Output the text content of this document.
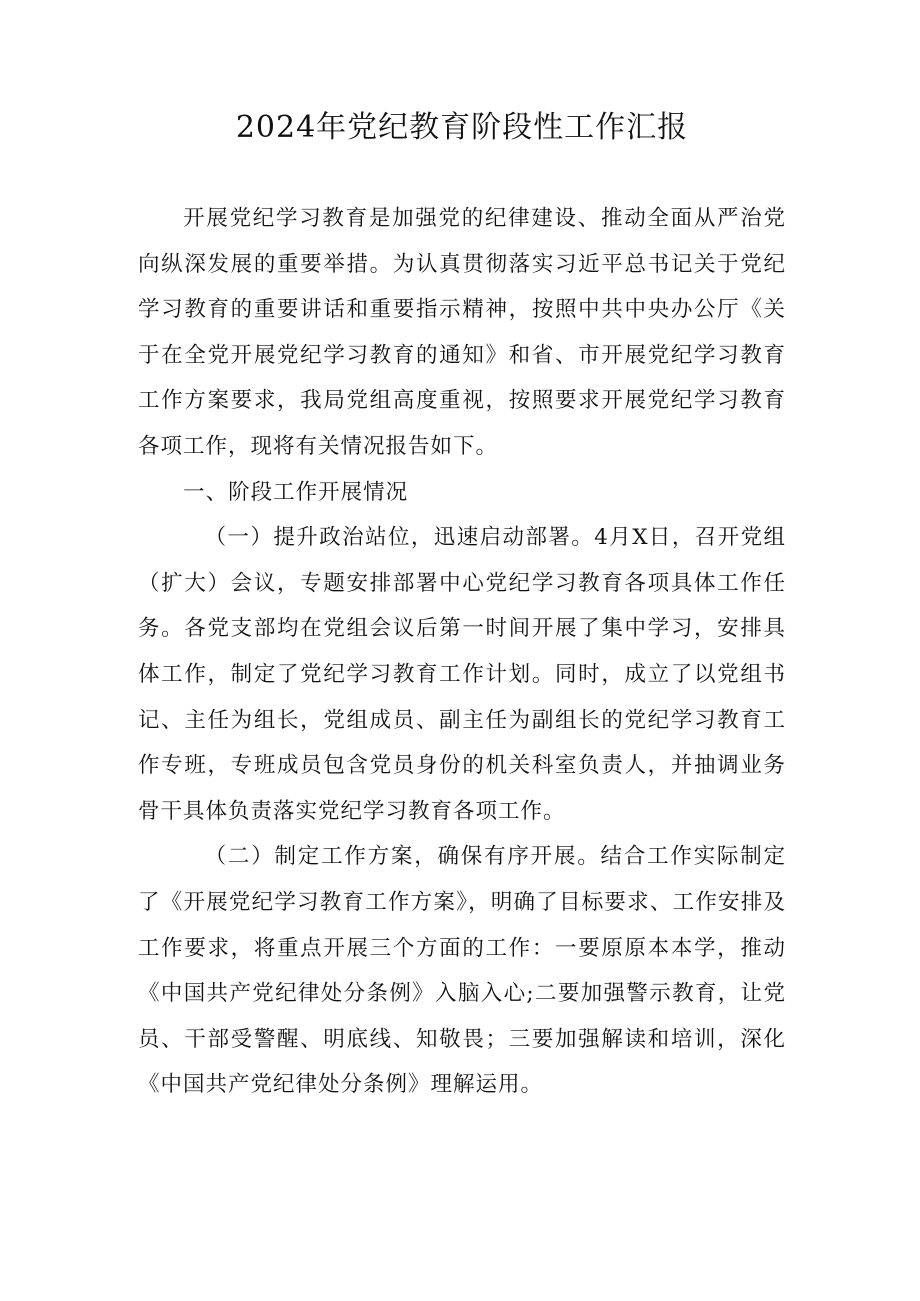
2024年党纪教育阶段性工作汇报

开展党纪学习教育是加强党的纪律建设、推动全面从严治党向纵深发展的重要举措。为认真贯彻落实习近平总书记关于党纪学习教育的重要讲话和重要指示精神，按照中共中央办公厅《关于在全党开展党纪学习教育的通知》和省、市开展党纪学习教育工作方案要求，我局党组高度重视，按照要求开展党纪学习教育各项工作，现将有关情况报告如下。

一、阶段工作开展情况

（一）提升政治站位，迅速启动部署。4月X日，召开党组（扩大）会议，专题安排部署中心党纪学习教育各项具体工作任务。各党支部均在党组会议后第一时间开展了集中学习，安排具体工作，制定了党纪学习教育工作计划。同时，成立了以党组书记、主任为组长，党组成员、副主任为副组长的党纪学习教育工作专班，专班成员包含党员身份的机关科室负责人，并抽调业务骨干具体负责落实党纪学习教育各项工作。

（二）制定工作方案，确保有序开展。结合工作实际制定了《开展党纪学习教育工作方案》，明确了目标要求、工作安排及工作要求，将重点开展三个方面的工作：一要原原本本学，推动《中国共产党纪律处分条例》入脑入心;二要加强警示教育，让党员、干部受警醒、明底线、知敬畏；三要加强解读和培训，深化《中国共产党纪律处分条例》理解运用。
